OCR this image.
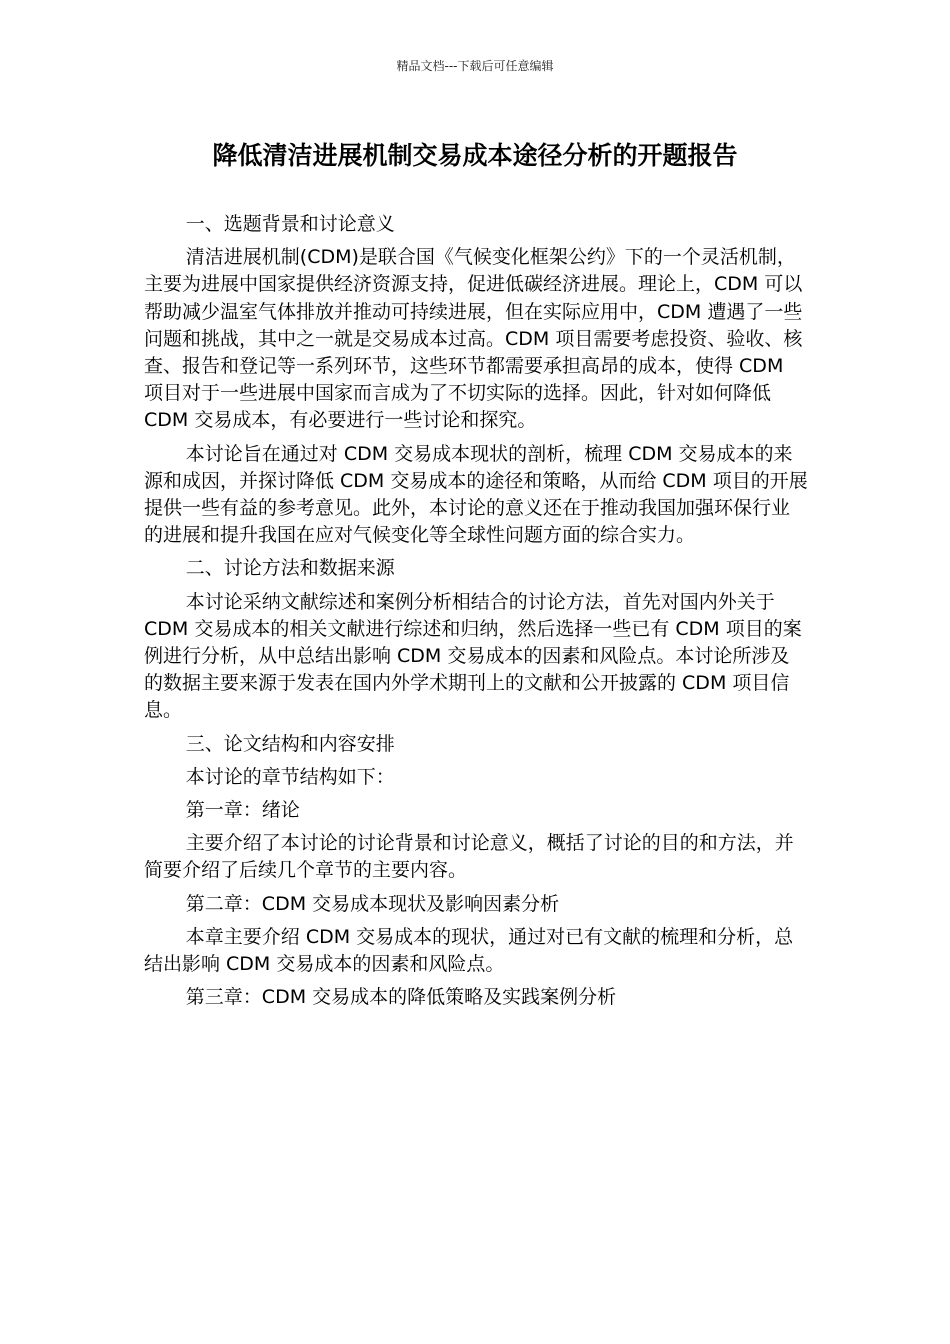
精品文档---下载后可任意编辑
降低清洁进展机制交易成本途径分析的开题报告

一、选题背景和讨论意义

清洁进展机制(CDM)是联合国《气候变化框架公约》下的一个灵活机制，主要为进展中国家提供经济资源支持，促进低碳经济进展。理论上，CDM 可以帮助减少温室气体排放并推动可持续进展，但在实际应用中，CDM 遭遇了一些问题和挑战，其中之一就是交易成本过高。CDM 项目需要考虑投资、验收、核查、报告和登记等一系列环节，这些环节都需要承担高昂的成本，使得 CDM 项目对于一些进展中国家而言成为了不切实际的选择。因此，针对如何降低 CDM 交易成本，有必要进行一些讨论和探究。

本讨论旨在通过对 CDM 交易成本现状的剖析，梳理 CDM 交易成本的来源和成因，并探讨降低 CDM 交易成本的途径和策略，从而给 CDM 项目的开展提供一些有益的参考意见。此外，本讨论的意义还在于推动我国加强环保行业的进展和提升我国在应对气候变化等全球性问题方面的综合实力。

二、讨论方法和数据来源

本讨论采纳文献综述和案例分析相结合的讨论方法，首先对国内外关于 CDM 交易成本的相关文献进行综述和归纳，然后选择一些已有 CDM 项目的案例进行分析，从中总结出影响 CDM 交易成本的因素和风险点。本讨论所涉及的数据主要来源于发表在国内外学术期刊上的文献和公开披露的 CDM 项目信息。

三、论文结构和内容安排

本讨论的章节结构如下：

第一章：绪论

主要介绍了本讨论的讨论背景和讨论意义，概括了讨论的目的和方法，并简要介绍了后续几个章节的主要内容。

第二章：CDM 交易成本现状及影响因素分析

本章主要介绍 CDM 交易成本的现状，通过对已有文献的梳理和分析，总结出影响 CDM 交易成本的因素和风险点。

第三章：CDM 交易成本的降低策略及实践案例分析
